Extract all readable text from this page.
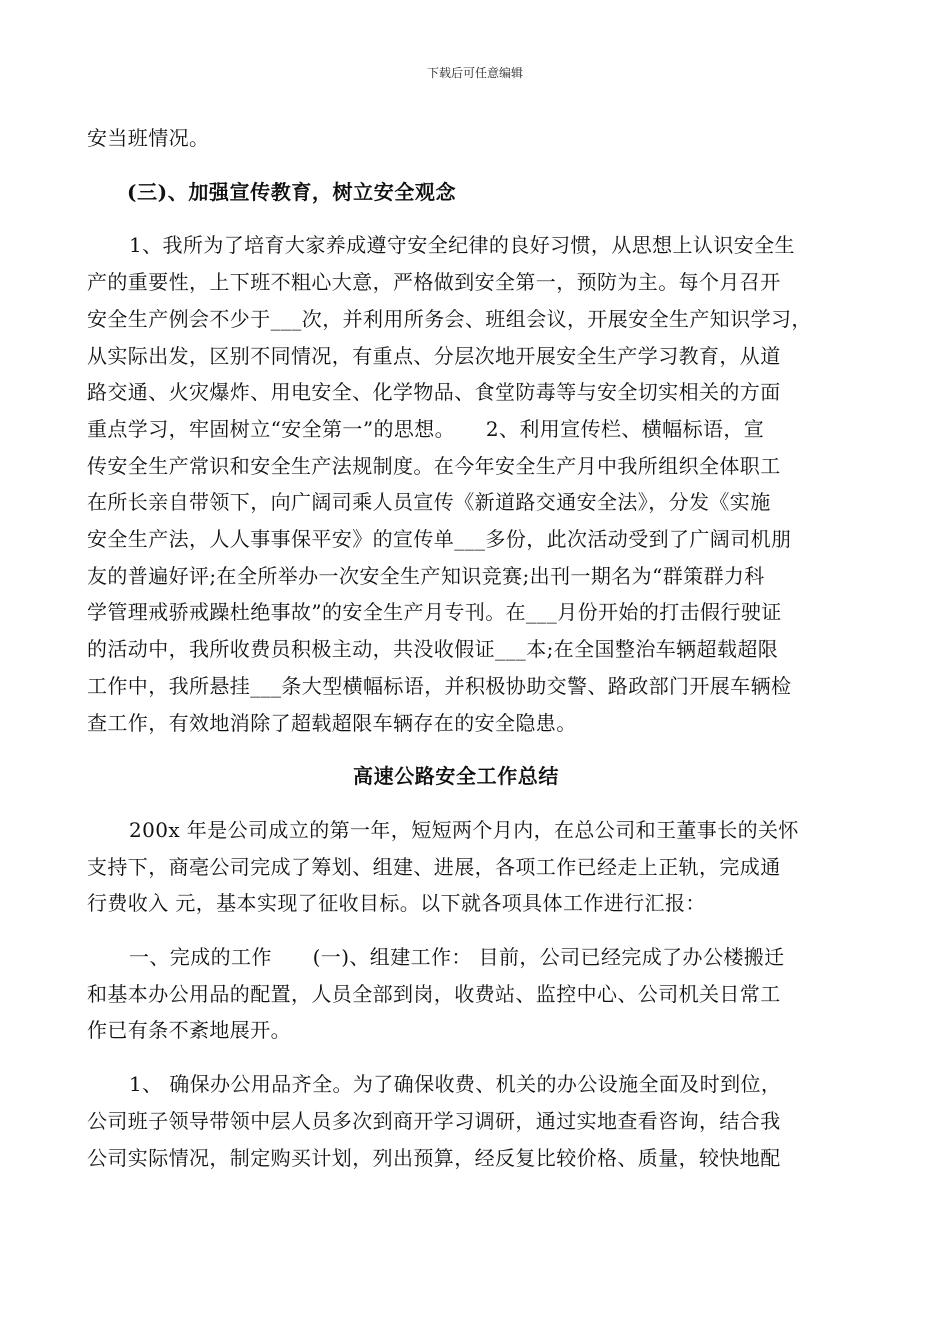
下载后可任意编辑
安当班情况。
(三)、加强宣传教育，树立安全观念
1、我所为了培育大家养成遵守安全纪律的良好习惯，从思想上认识安全生
产的重要性，上下班不粗心大意，严格做到安全第一，预防为主。每个月召开
安全生产例会不少于___次，并利用所务会、班组会议，开展安全生产知识学习，
从实际出发，区别不同情况，有重点、分层次地开展安全生产学习教育，从道
路交通、火灾爆炸、用电安全、化学物品、食堂防毒等与安全切实相关的方面
重点学习，牢固树立“安全第一”的思想。　　2、利用宣传栏、横幅标语，宣
传安全生产常识和安全生产法规制度。在今年安全生产月中我所组织全体职工
在所长亲自带领下，向广阔司乘人员宣传《新道路交通安全法》，分发《实施
安全生产法，人人事事保平安》的宣传单___多份，此次活动受到了广阔司机朋
友的普遍好评;在全所举办一次安全生产知识竞赛;出刊一期名为“群策群力科
学管理戒骄戒躁杜绝事故”的安全生产月专刊。在___月份开始的打击假行驶证
的活动中，我所收费员积极主动，共没收假证___本;在全国整治车辆超载超限
工作中，我所悬挂___条大型横幅标语，并积极协助交警、路政部门开展车辆检
查工作，有效地消除了超载超限车辆存在的安全隐患。
高速公路安全工作总结
200x 年是公司成立的第一年，短短两个月内，在总公司和王董事长的关怀
支持下，商亳公司完成了筹划、组建、进展，各项工作已经走上正轨，完成通
行费收入 元，基本实现了征收目标。以下就各项具体工作进行汇报：
一、完成的工作　　(一)、组建工作： 目前，公司已经完成了办公楼搬迁
和基本办公用品的配置，人员全部到岗，收费站、监控中心、公司机关日常工
作已有条不紊地展开。
1、 确保办公用品齐全。为了确保收费、机关的办公设施全面及时到位，
公司班子领导带领中层人员多次到商开学习调研，通过实地查看咨询，结合我
公司实际情况，制定购买计划，列出预算，经反复比较价格、质量，较快地配
